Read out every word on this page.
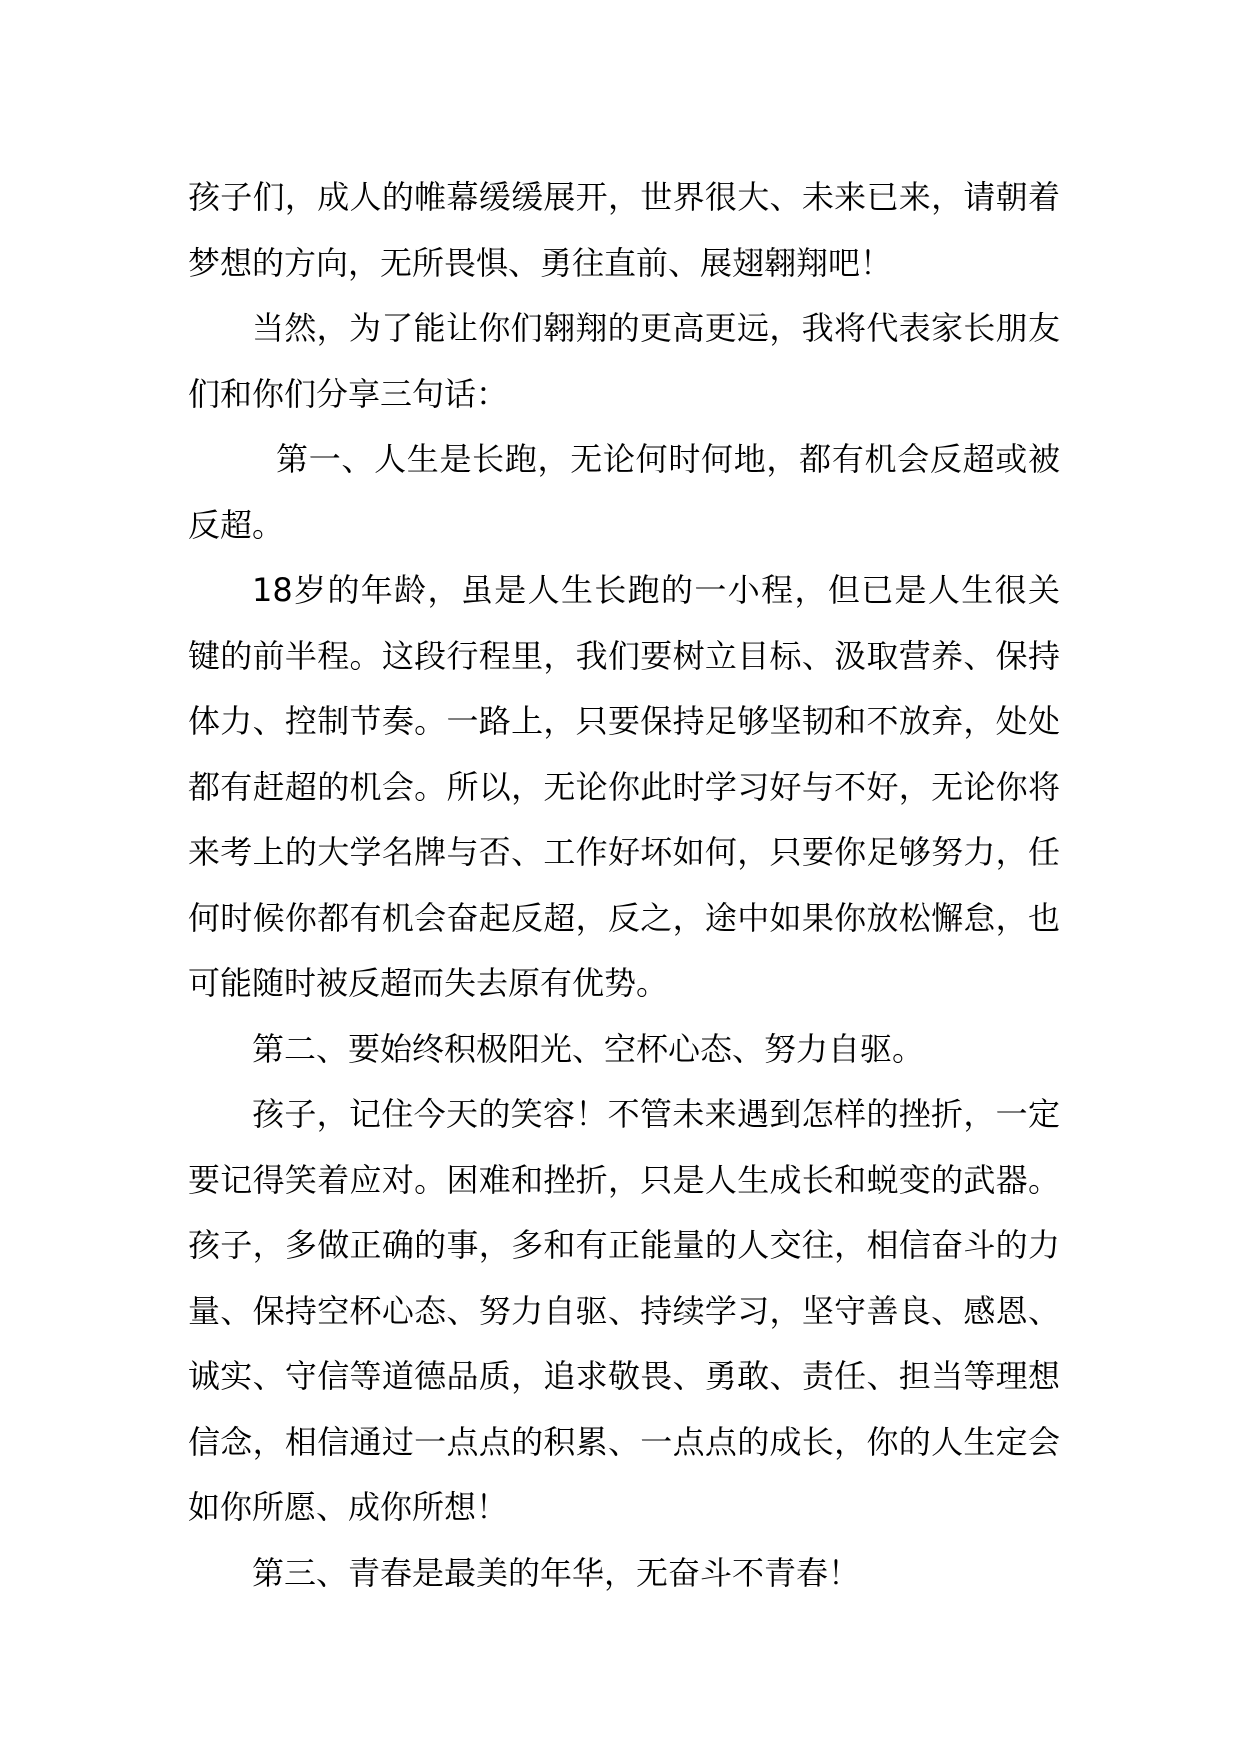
孩子们，成人的帷幕缓缓展开，世界很大、未来已来，请朝着梦想的方向，无所畏惧、勇往直前、展翅翱翔吧！

当然，为了能让你们翱翔的更高更远，我将代表家长朋友们和你们分享三句话：

第一、人生是长跑，无论何时何地，都有机会反超或被反超。

18岁的年龄，虽是人生长跑的一小程，但已是人生很关键的前半程。这段行程里，我们要树立目标、汲取营养、保持体力、控制节奏。一路上，只要保持足够坚韧和不放弃，处处都有赶超的机会。所以，无论你此时学习好与不好，无论你将来考上的大学名牌与否、工作好坏如何，只要你足够努力，任何时候你都有机会奋起反超，反之，途中如果你放松懈怠，也可能随时被反超而失去原有优势。

第二、要始终积极阳光、空杯心态、努力自驱。

孩子，记住今天的笑容！不管未来遇到怎样的挫折，一定要记得笑着应对。困难和挫折，只是人生成长和蜕变的武器。孩子，多做正确的事，多和有正能量的人交往，相信奋斗的力量、保持空杯心态、努力自驱、持续学习，坚守善良、感恩、诚实、守信等道德品质，追求敬畏、勇敢、责任、担当等理想信念，相信通过一点点的积累、一点点的成长，你的人生定会如你所愿、成你所想！

第三、青春是最美的年华，无奋斗不青春！
